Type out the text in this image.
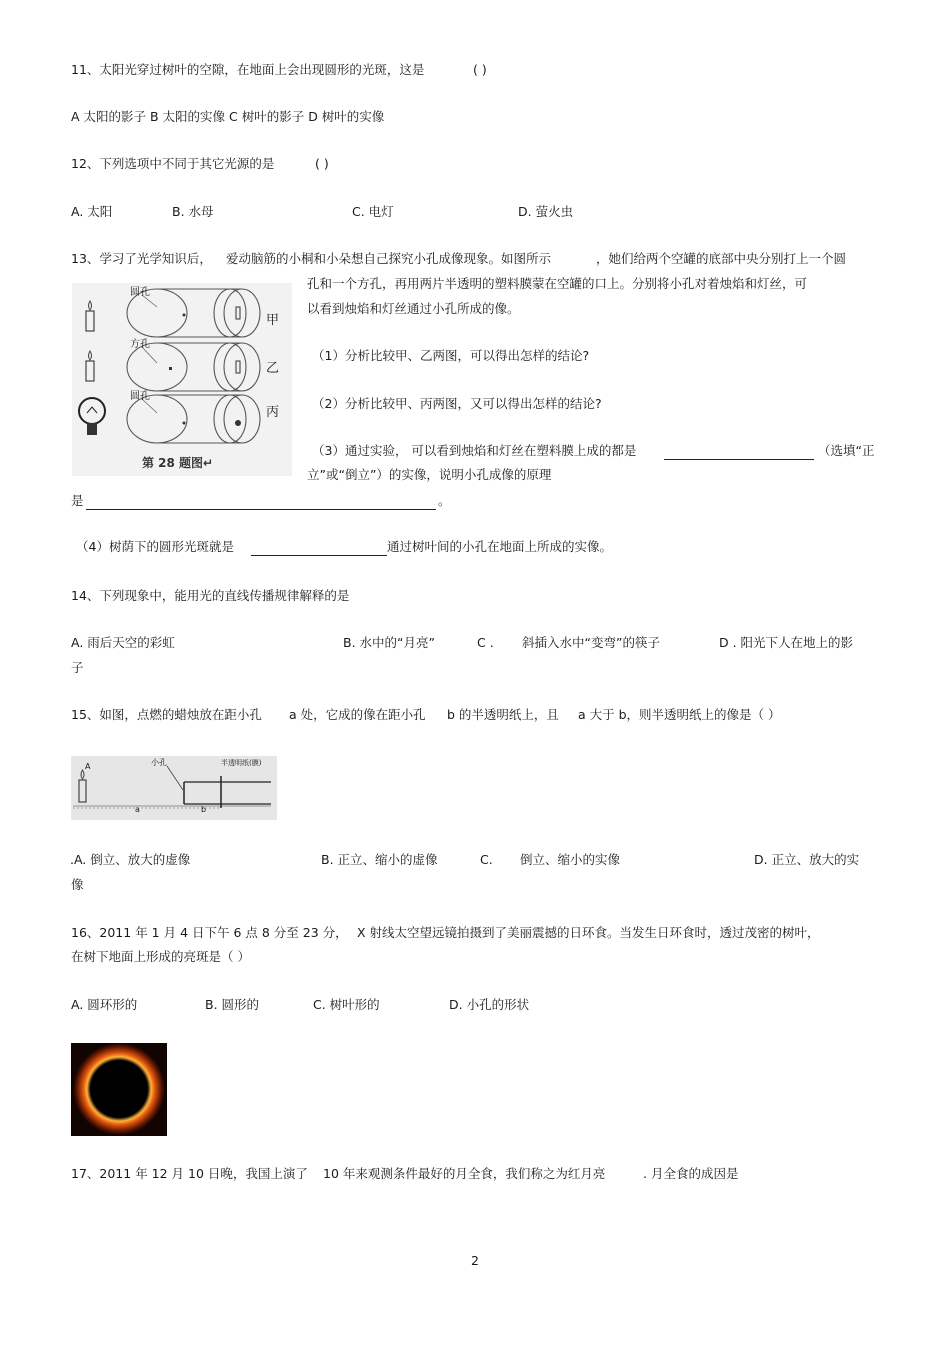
11、太阳光穿过树叶的空隙，在地面上会出现圆形的光斑，这是	( )
A 太阳的影子 B 太阳的实像 C 树叶的影子 D 树叶的实像
12、下列选项中不同于其它光源的是	( )
A. 太阳	B. 水母	C. 电灯	D. 萤火虫
13、学习了光学知识后， 爱动脑筋的小桐和小朵想自己探究小孔成像现象。如图所示	，她们给两个空罐的底部中央分别打上一个圆
孔和一个方孔，再用两片半透明的塑料膜蒙在空罐的口上。分别将小孔对着烛焰和灯丝，可
以看到烛焰和灯丝通过小孔所成的像。
圆孔
方孔
圆孔
甲
乙
丙
第 28 题图↵
（1）分析比较甲、乙两图，可以得出怎样的结论?
（2）分析比较甲、丙两图，又可以得出怎样的结论?
（3）通过实验， 可以看到烛焰和灯丝在塑料膜上成的都是	（选填“正
立”或“倒立”）的实像，说明小孔成像的原理
是	。
（4）树荫下的圆形光斑就是	通过树叶间的小孔在地面上所成的实像。
14、下列现象中，能用光的直线传播规律解释的是
A. 雨后天空的彩虹	B. 水中的“月亮”	C . 斜插入水中“变弯”的筷子	D . 阳光下人在地上的影
子
15、如图，点燃的蜡烛放在距小孔 a 处，它成的像在距小孔 b 的半透明纸上，且 a 大于 b，则半透明纸上的像是（ ）
A	小孔	半透明纸(膜)
a	b
.A. 倒立、放大的虚像	B. 正立、缩小的虚像	C. 倒立、缩小的实像	D. 正立、放大的实
像
16、2011 年 1 月 4 日下午 6 点 8 分至 23 分， X 射线太空望远镜拍摄到了美丽震撼的日环食。当发生日环食时，透过茂密的树叶，
在树下地面上形成的亮斑是（ ）
A. 圆环形的	B. 圆形的	C. 树叶形的	D. 小孔的形状
17、2011 年 12 月 10 日晚，我国上演了 10 年来观测条件最好的月全食，我们称之为红月亮	. 月全食的成因是
2
